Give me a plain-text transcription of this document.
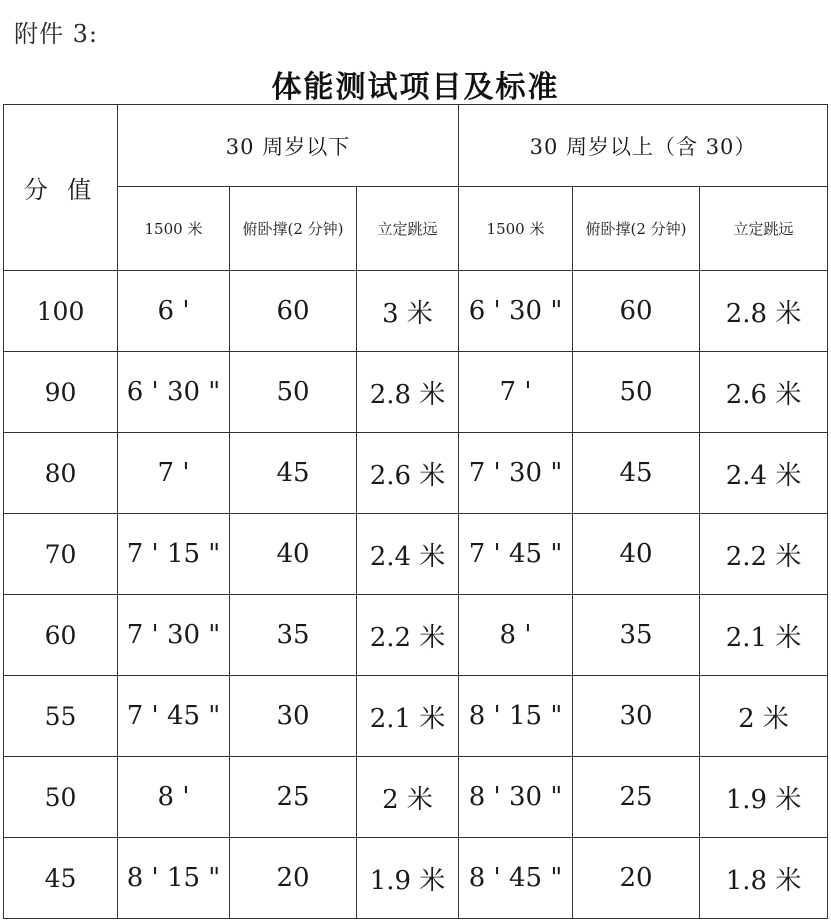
附件 3:
体能测试项目及标准
分 值	30 周岁以下			30 周岁以上（含 30）		
	1500 米	俯卧撑(2 分钟)	立定跳远	1500 米	俯卧撑(2 分钟)	立定跳远
100	6 '	60	3 米	6 ' 30 "	60	2.8 米
90	6 ' 30 "	50	2.8 米	7 '	50	2.6 米
80	7 '	45	2.6 米	7 ' 30 "	45	2.4 米
70	7 ' 15 "	40	2.4 米	7 ' 45 "	40	2.2 米
60	7 ' 30 "	35	2.2 米	8 '	35	2.1 米
55	7 ' 45 "	30	2.1 米	8 ' 15 "	30	2 米
50	8 '	25	2 米	8 ' 30 "	25	1.9 米
45	8 ' 15 "	20	1.9 米	8 ' 45 "	20	1.8 米
